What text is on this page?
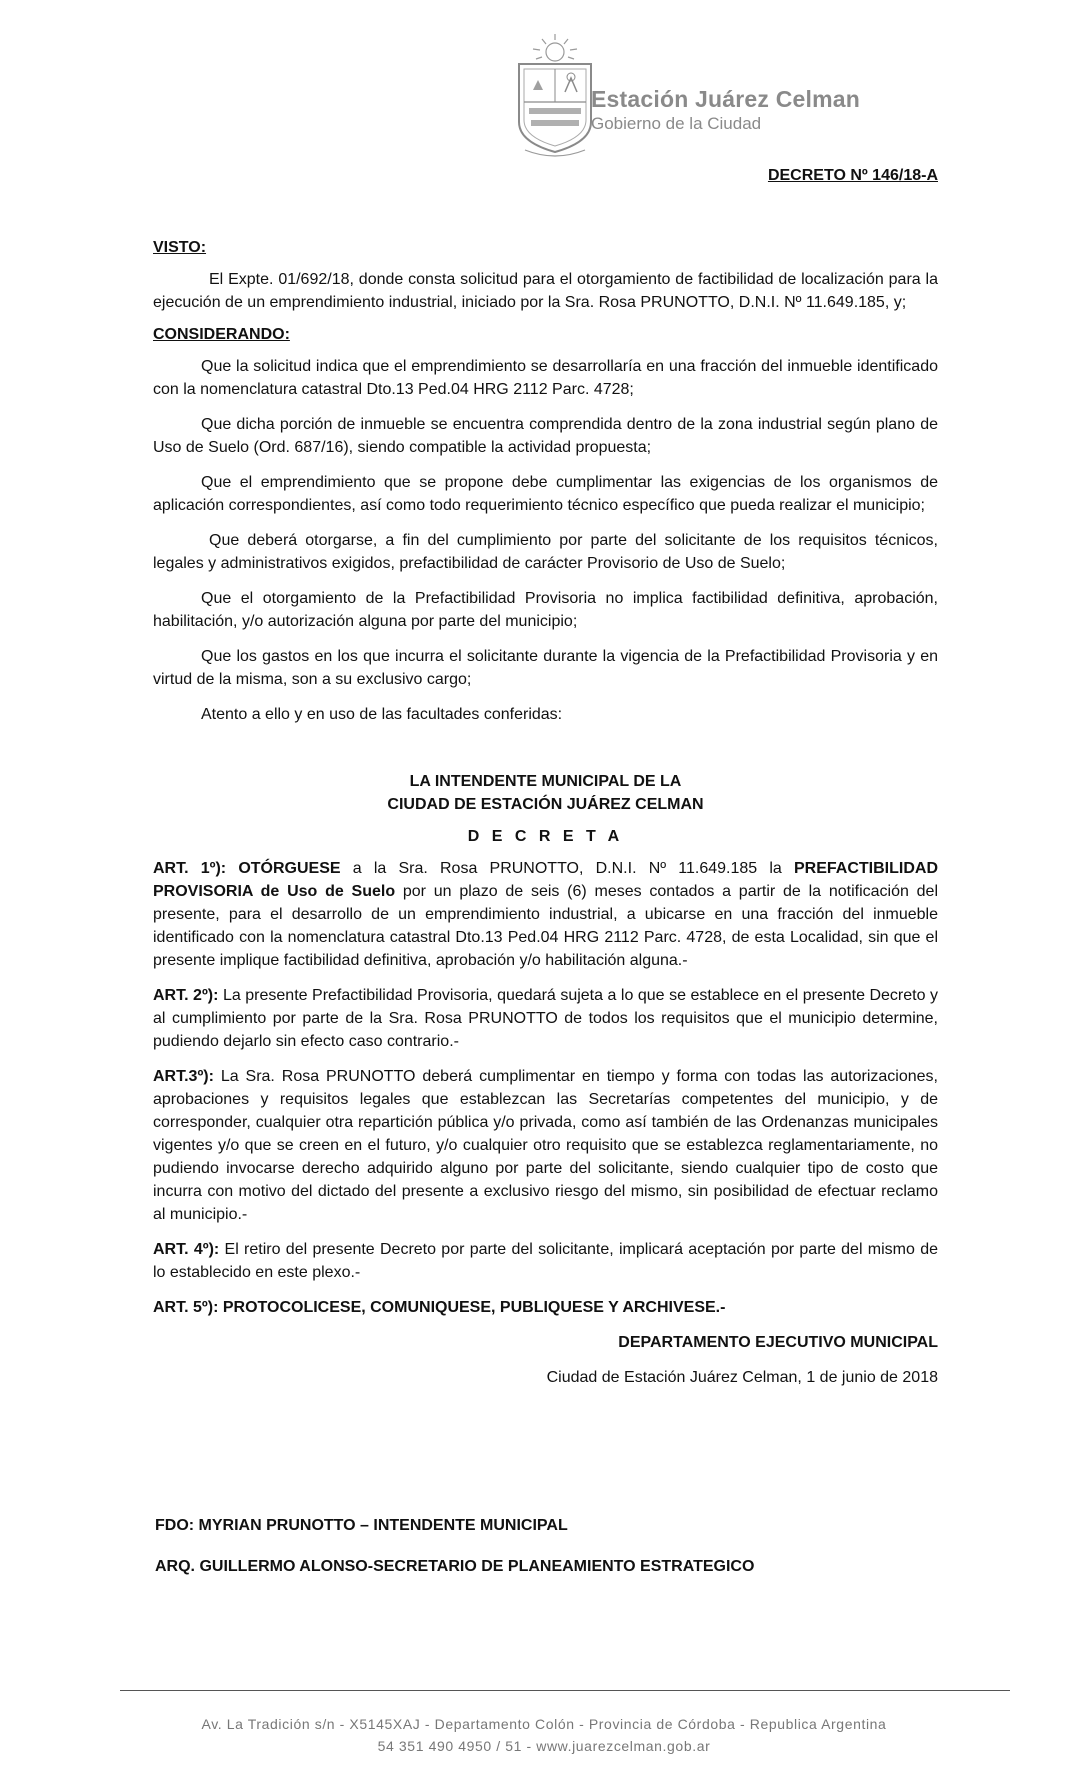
Estación Juárez Celman
Gobierno de la Ciudad
DECRETO Nº 146/18-A

VISTO:

El Expte. 01/692/18, donde consta solicitud para el otorgamiento de factibilidad de localización para la ejecución de un emprendimiento industrial, iniciado por la Sra. Rosa PRUNOTTO, D.N.I. Nº 11.649.185, y;

CONSIDERANDO:

Que la solicitud indica que el emprendimiento se desarrollaría en una fracción del inmueble identificado con la nomenclatura catastral Dto.13 Ped.04 HRG 2112 Parc. 4728;

Que dicha porción de inmueble se encuentra comprendida dentro de la zona industrial según plano de Uso de Suelo (Ord. 687/16), siendo compatible la actividad propuesta;

Que el emprendimiento que se propone debe cumplimentar las exigencias de los organismos de aplicación correspondientes, así como todo requerimiento técnico específico que pueda realizar el municipio;

Que deberá otorgarse, a fin del cumplimiento por parte del solicitante de los requisitos técnicos, legales y administrativos exigidos, prefactibilidad de carácter Provisorio de Uso de Suelo;

Que el otorgamiento de la Prefactibilidad Provisoria no implica factibilidad definitiva, aprobación, habilitación, y/o autorización alguna por parte del municipio;

Que los gastos en los que incurra el solicitante durante la vigencia de la Prefactibilidad Provisoria y en virtud de la misma, son a su exclusivo cargo;

Atento a ello y en uso de las facultades conferidas:

LA INTENDENTE MUNICIPAL DE LA

CIUDAD DE ESTACIÓN JUÁREZ CELMAN

D E C R E T A

ART. 1º): OTÓRGUESE a la Sra. Rosa PRUNOTTO, D.N.I. Nº 11.649.185 la PREFACTIBILIDAD PROVISORIA de Uso de Suelo por un plazo de seis (6) meses contados a partir de la notificación del presente, para el desarrollo de un emprendimiento industrial, a ubicarse en una fracción del inmueble identificado con la nomenclatura catastral Dto.13 Ped.04 HRG 2112 Parc. 4728, de esta Localidad, sin que el presente implique factibilidad definitiva, aprobación y/o habilitación alguna.-

ART. 2º): La presente Prefactibilidad Provisoria, quedará sujeta a lo que se establece en el presente Decreto y al cumplimiento por parte de la Sra. Rosa PRUNOTTO de todos los requisitos que el municipio determine, pudiendo dejarlo sin efecto caso contrario.-

ART.3º): La Sra. Rosa PRUNOTTO deberá cumplimentar en tiempo y forma con todas las autorizaciones, aprobaciones y requisitos legales que establezcan las Secretarías competentes del municipio, y de corresponder, cualquier otra repartición pública y/o privada, como así también de las Ordenanzas municipales vigentes y/o que se creen en el futuro, y/o cualquier otro requisito que se establezca reglamentariamente, no pudiendo invocarse derecho adquirido alguno por parte del solicitante, siendo cualquier tipo de costo que incurra con motivo del dictado del presente a exclusivo riesgo del mismo, sin posibilidad de efectuar reclamo al municipio.-

ART. 4º): El retiro del presente Decreto por parte del solicitante, implicará aceptación por parte del mismo de lo establecido en este plexo.-

ART. 5º): PROTOCOLICESE, COMUNIQUESE, PUBLIQUESE Y ARCHIVESE.-

DEPARTAMENTO EJECUTIVO MUNICIPAL

Ciudad de Estación Juárez Celman, 1 de junio de 2018

FDO: MYRIAN PRUNOTTO – INTENDENTE MUNICIPAL
ARQ. GUILLERMO ALONSO-SECRETARIO DE PLANEAMIENTO ESTRATEGICO
Av. La Tradición s/n - X5145XAJ - Departamento Colón - Provincia de Córdoba - Republica Argentina
54 351 490 4950 / 51 - www.juarezcelman.gob.ar
